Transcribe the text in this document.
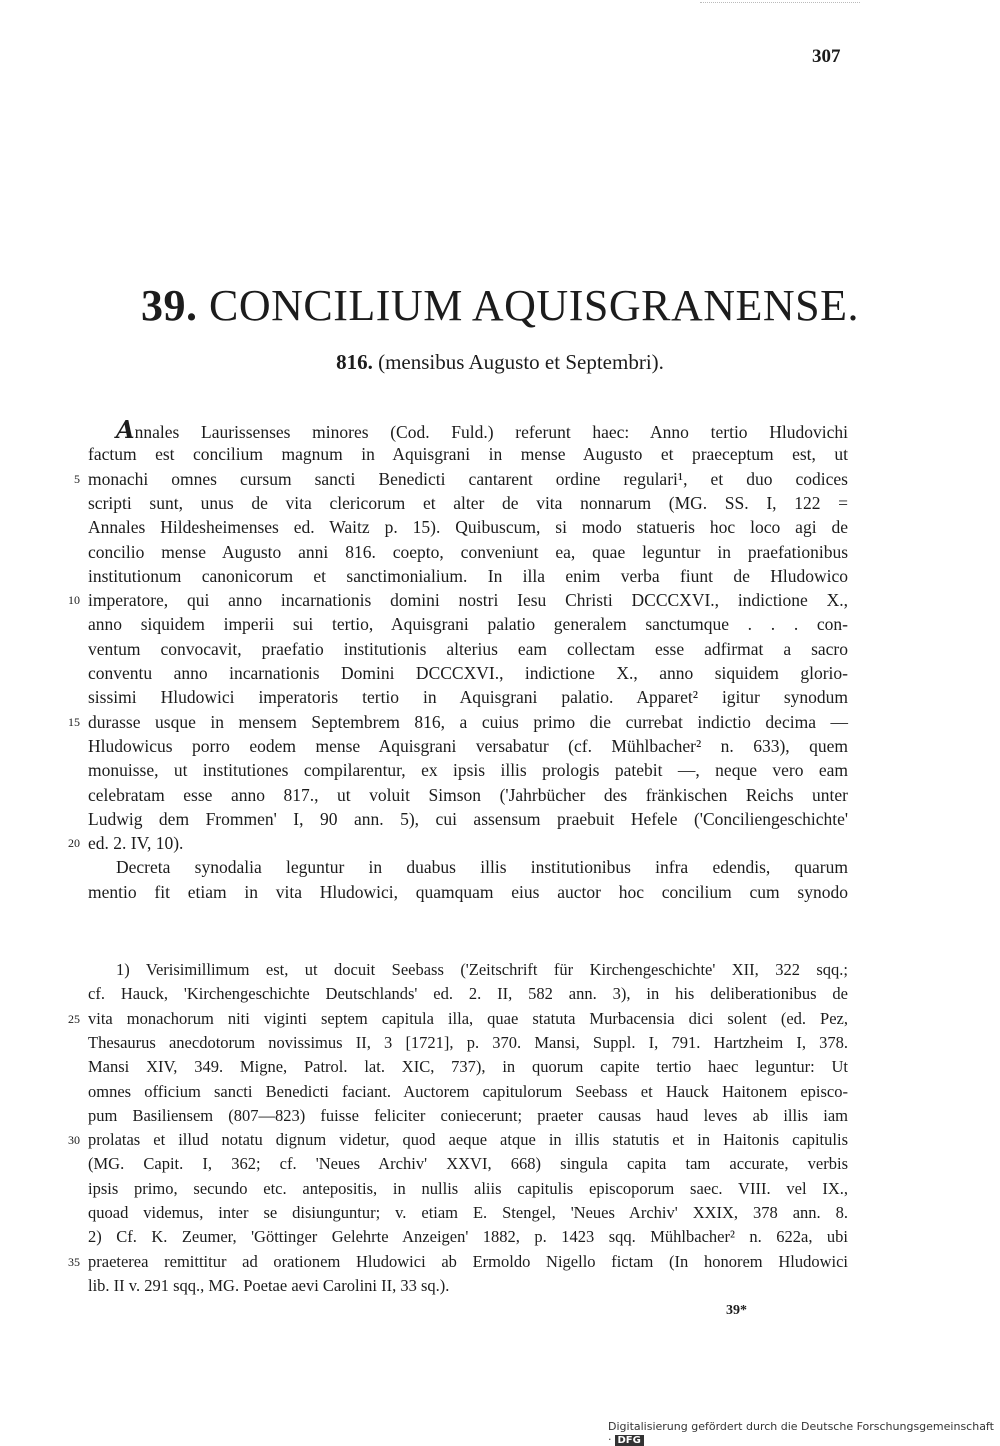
307
39. CONCILIUM AQUISGRANENSE.
816. (mensibus Augusto et Septembri).
Annales Laurissenses minores (Cod. Fuld.) referunt haec: Anno tertio Hludovichi
factum est concilium magnum in Aquisgrani in mense Augusto et praeceptum est, ut
5 monachi omnes cursum sancti Benedicti cantarent ordine regulari¹, et duo codices
scripti sunt, unus de vita clericorum et alter de vita nonnarum (MG. SS. I, 122 =
Annales Hildesheimenses ed. Waitz p. 15). Quibuscum, si modo statueris hoc loco agi de
concilio mense Augusto anni 816. coepto, conveniunt ea, quae leguntur in praefationibus
institutionum canonicorum et sanctimonialium. In illa enim verba fiunt de Hludowico
10 imperatore, qui anno incarnationis domini nostri Iesu Christi DCCCXVI., indictione X.,
anno siquidem imperii sui tertio, Aquisgrani palatio generalem sanctumque . . . con-
ventum convocavit, praefatio institutionis alterius eam collectam esse adfirmat a sacro
conventu anno incarnationis Domini DCCCXVI., indictione X., anno siquidem glorio-
sissimi Hludowici imperatoris tertio in Aquisgrani palatio. Apparet² igitur synodum
15 durasse usque in mensem Septembrem 816, a cuius primo die currebat indictio decima —
Hludowicus porro eodem mense Aquisgrani versabatur (cf. Mühlbacher² n. 633), quem
monuisse, ut institutiones compilarentur, ex ipsis illis prologis patebit —, neque vero eam
celebratam esse anno 817., ut voluit Simson ('Jahrbücher des fränkischen Reichs unter
Ludwig dem Frommen' I, 90 ann. 5), cui assensum praebuit Hefele ('Conciliengeschichte'
20 ed. 2. IV, 10).
Decreta synodalia leguntur in duabus illis institutionibus infra edendis, quarum
mentio fit etiam in vita Hludowici, quamquam eius auctor hoc concilium cum synodo
1) Verisimillimum est, ut docuit Seebass ('Zeitschrift für Kirchengeschichte' XII, 322 sqq.;
cf. Hauck, 'Kirchengeschichte Deutschlands' ed. 2. II, 582 ann. 3), in his deliberationibus de
25 vita monachorum niti viginti septem capitula illa, quae statuta Murbacensia dici solent (ed. Pez,
Thesaurus anecdotorum novissimus II, 3 [1721], p. 370. Mansi, Suppl. I, 791. Hartzheim I, 378.
Mansi XIV, 349. Migne, Patrol. lat. XIC, 737), in quorum capite tertio haec leguntur: Ut
omnes officium sancti Benedicti faciant. Auctorem capitulorum Seebass et Hauck Haitonem episco-
pum Basiliensem (807—823) fuisse feliciter coniecerunt; praeter causas haud leves ab illis iam
30 prolatas et illud notatu dignum videtur, quod aeque atque in illis statutis et in Haitonis capitulis
(MG. Capit. I, 362; cf. 'Neues Archiv' XXVI, 668) singula capita tam accurate, verbis
ipsis primo, secundo etc. antepositis, in nullis aliis capitulis episcoporum saec. VIII. vel IX.,
quoad videmus, inter se disiunguntur; v. etiam E. Stengel, 'Neues Archiv' XXIX, 378 ann. 8.
2) Cf. K. Zeumer, 'Göttinger Gelehrte Anzeigen' 1882, p. 1423 sqq. Mühlbacher² n. 622a, ubi
35 praeterea remittitur ad orationem Hludowici ab Ermoldo Nigello fictam (In honorem Hludowici
lib. II v. 291 sqq., MG. Poetae aevi Carolini II, 33 sq.).
39*
Digitalisierung gefördert durch die Deutsche Forschungsgemeinschaft · DFG
